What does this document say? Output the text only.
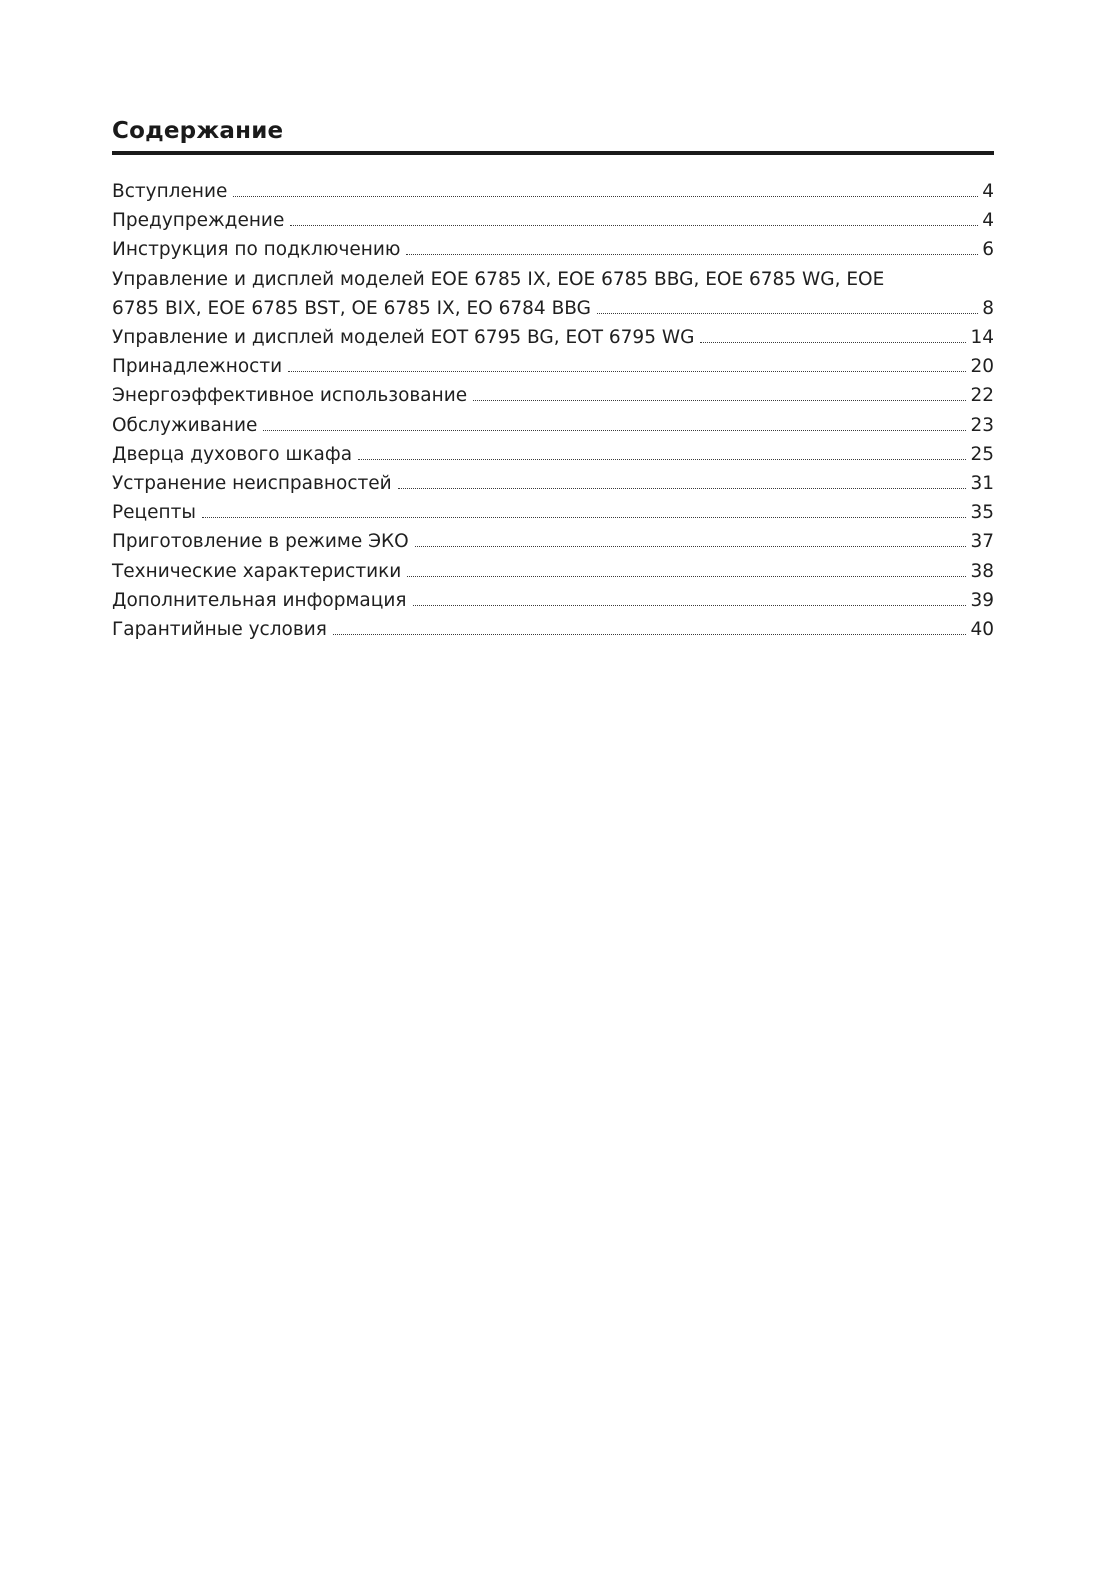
Содержание
Вступление	4
Предупреждение	4
Инструкция по подключению	6
Управление и дисплей моделей EOE 6785 IX, EOE 6785 BBG, EOE 6785 WG, EOE
6785 BIX, EOE 6785 BST, OE 6785 IX, EO 6784 BBG	8
Управление и дисплей моделей EOT 6795 BG, EOT 6795 WG	14
Принадлежности	20
Энергоэффективное использование	22
Обслуживание	23
Дверца духового шкафа	25
Устранение неисправностей	31
Рецепты	35
Приготовление в режиме ЭКО	37
Технические характеристики	38
Дополнительная информация	39
Гарантийные условия	40
